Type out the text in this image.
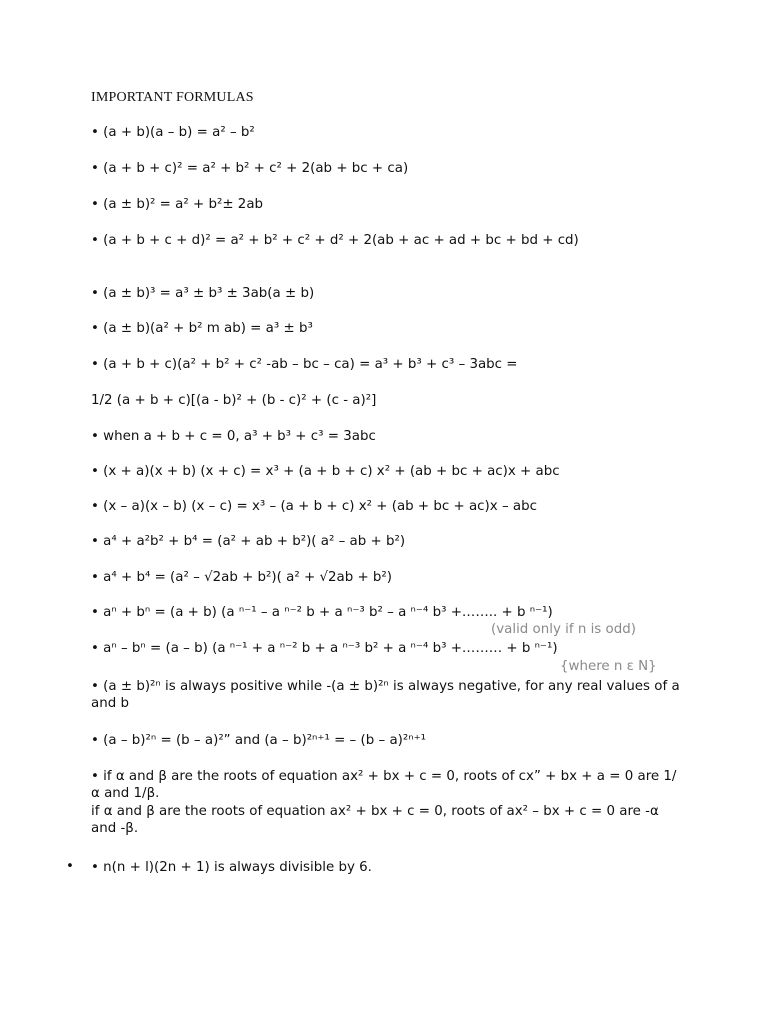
IMPORTANT FORMULAS
• (a + b)(a – b) = a² – b²
• (a + b + c)² = a² + b² + c² + 2(ab + bc + ca)
• (a ± b)² = a² + b²± 2ab
• (a + b + c + d)² = a² + b² + c² + d² + 2(ab + ac + ad + bc + bd + cd)
• (a ± b)³ = a³ ± b³ ± 3ab(a ± b)
• (a ± b)(a² + b² m ab) = a³ ± b³
• (a + b + c)(a² + b² + c² -ab – bc – ca) = a³ + b³ + c³ – 3abc =
1/2 (a + b + c)[(a - b)² + (b - c)² + (c - a)²]
• when a + b + c = 0, a³ + b³ + c³ = 3abc
• (x + a)(x + b) (x + c) = x³ + (a + b + c) x² + (ab + bc + ac)x + abc
• (x – a)(x – b) (x – c) = x³ – (a + b + c) x² + (ab + bc + ac)x – abc
• a⁴ + a²b² + b⁴ = (a² + ab + b²)( a² – ab + b²)
• a⁴ + b⁴ = (a² – √2ab + b²)( a² + √2ab + b²)
• aⁿ + bⁿ = (a + b) (a ⁿ⁻¹ – a ⁿ⁻² b + a ⁿ⁻³ b² – a ⁿ⁻⁴ b³ +…….. + b ⁿ⁻¹)
(valid only if n is odd)
• aⁿ – bⁿ = (a – b) (a ⁿ⁻¹ + a ⁿ⁻² b + a ⁿ⁻³ b² + a ⁿ⁻⁴ b³ +……… + b ⁿ⁻¹)
{where n ɛ N}
• (a ± b)²ⁿ is always positive while -(a ± b)²ⁿ is always negative, for any real values of a and b
• (a – b)²ⁿ = (b – a)²” and (a – b)²ⁿ⁺¹ = – (b – a)²ⁿ⁺¹
• if α and β are the roots of equation ax² + bx + c = 0, roots of cx” + bx + a = 0 are 1/α and 1/β.
if α and β are the roots of equation ax² + bx + c = 0, roots of ax² – bx + c = 0 are -α and -β.
• • n(n + l)(2n + 1) is always divisible by 6.
